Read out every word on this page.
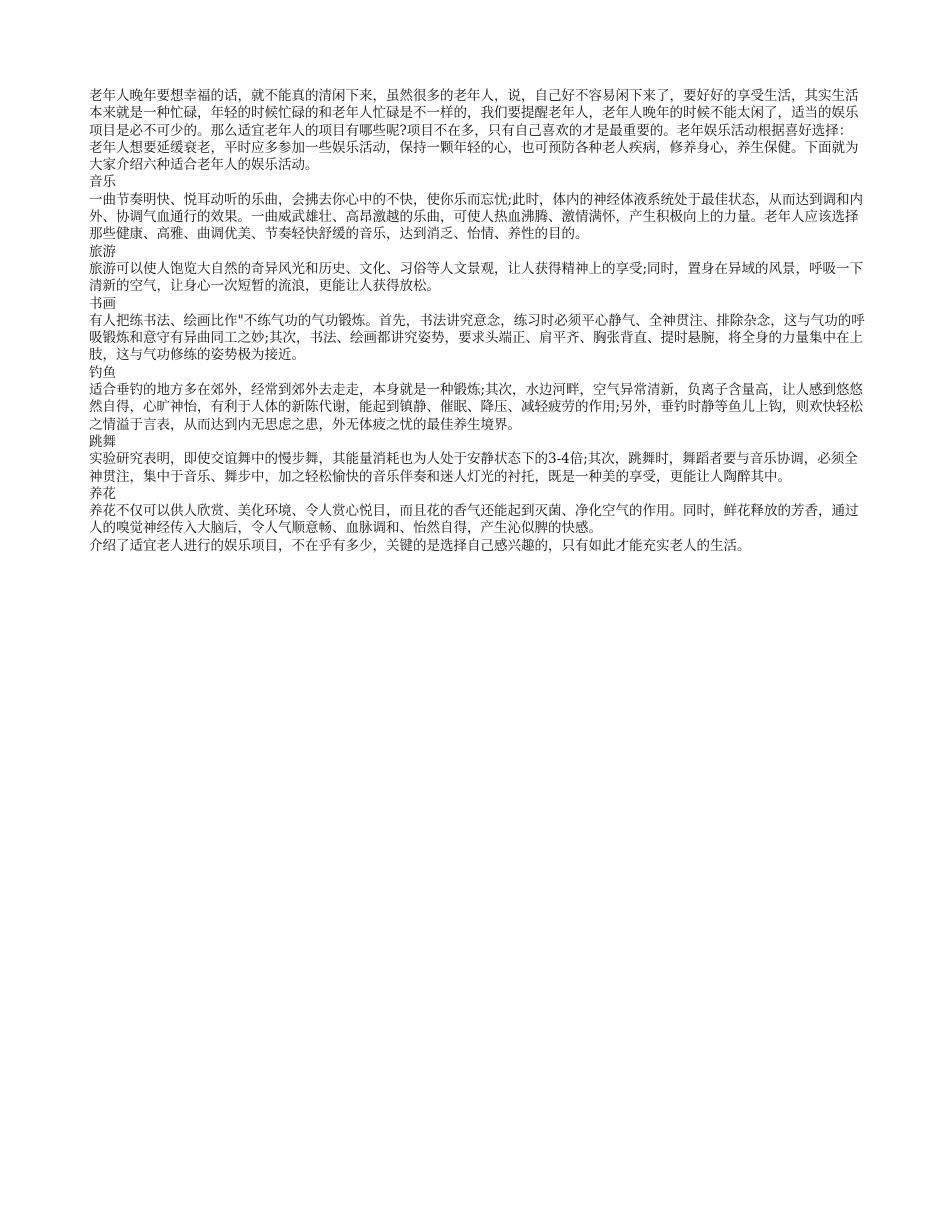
老年人晚年要想幸福的话，就不能真的清闲下来，虽然很多的老年人，说，自己好不容易闲下来了，要好好的享受生活，其实生活本来就是一种忙碌，年轻的时候忙碌的和老年人忙碌是不一样的，我们要提醒老年人，老年人晚年的时候不能太闲了，适当的娱乐项目是必不可少的。那么适宜老年人的项目有哪些呢?项目不在多，只有自己喜欢的才是最重要的。老年娱乐活动根据喜好选择：

老年人想要延缓衰老，平时应多参加一些娱乐活动，保持一颗年轻的心，也可预防各种老人疾病，修养身心，养生保健。下面就为大家介绍六种适合老年人的娱乐活动。

音乐

一曲节奏明快、悦耳动听的乐曲，会拂去你心中的不快，使你乐而忘忧;此时，体内的神经体液系统处于最佳状态，从而达到调和内外、协调气血通行的效果。一曲威武雄壮、高昂激越的乐曲，可使人热血沸腾、激情满怀，产生积极向上的力量。老年人应该选择那些健康、高雅、曲调优美、节奏轻快舒缓的音乐，达到消乏、怡情、养性的目的。

旅游

旅游可以使人饱览大自然的奇异风光和历史、文化、习俗等人文景观，让人获得精神上的享受;同时，置身在异域的风景，呼吸一下清新的空气，让身心一次短暂的流浪，更能让人获得放松。

书画

有人把练书法、绘画比作"不练气功的气功锻炼。首先，书法讲究意念，练习时必须平心静气、全神贯注、排除杂念，这与气功的呼吸锻炼和意守有异曲同工之妙;其次，书法、绘画都讲究姿势，要求头端正、肩平齐、胸张背直、提时悬腕，将全身的力量集中在上肢，这与气功修练的姿势极为接近。

钓鱼

适合垂钓的地方多在郊外，经常到郊外去走走，本身就是一种锻炼;其次，水边河畔，空气异常清新，负离子含量高，让人感到悠悠然自得，心旷神怡，有利于人体的新陈代谢，能起到镇静、催眠、降压、减轻疲劳的作用;另外，垂钓时静等鱼儿上钩，则欢快轻松之情溢于言表，从而达到内无思虑之患，外无体疲之忧的最佳养生境界。

跳舞

实验研究表明，即使交谊舞中的慢步舞，其能量消耗也为人处于安静状态下的3-4倍;其次，跳舞时，舞蹈者要与音乐协调，必须全神贯注，集中于音乐、舞步中，加之轻松愉快的音乐伴奏和迷人灯光的衬托，既是一种美的享受，更能让人陶醉其中。

养花

养花不仅可以供人欣赏、美化环境、令人赏心悦目，而且花的香气还能起到灭菌、净化空气的作用。同时，鲜花释放的芳香，通过人的嗅觉神经传入大脑后，令人气顺意畅、血脉调和、怡然自得，产生沁似脾的快感。

介绍了适宜老人进行的娱乐项目，不在乎有多少，关键的是选择自己感兴趣的，只有如此才能充实老人的生活。
